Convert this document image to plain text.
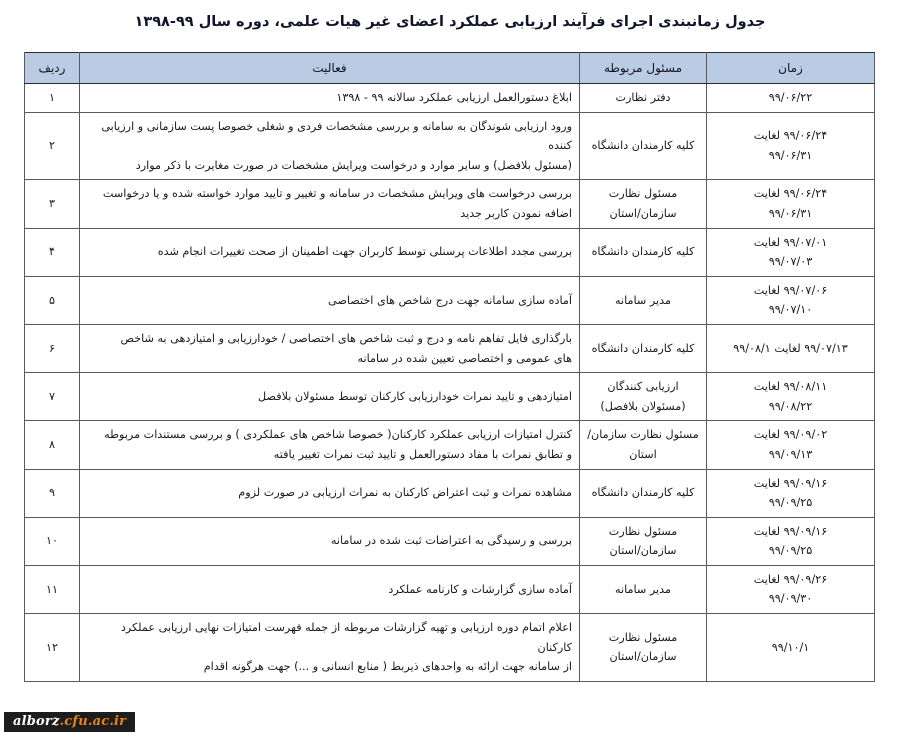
جدول زمانبندی اجرای فرآیند ارزیابی عملکرد اعضای غیر هیات علمی، دوره سال ۹۹-۱۳۹۸
زمان	مسئول مربوطه	فعالیت	ردیف

۹۹/۰۶/۲۲	دفتر نظارت	ابلاغ دستورالعمل ارزیابی عملکرد سالانه ۹۹ - ۱۳۹۸	۱

۹۹/۰۶/۲۴ لغایت
۹۹/۰۶/۳۱	کلیه کارمندان دانشگاه	ورود ارزیابی شوندگان به سامانه و بررسی مشخصات فردی و شغلی خصوصا پست سازمانی و ارزیابی کننده
(مسئول بلافصل) و سایر موارد و درخواست ویرایش مشخصات در صورت مغایرت با ذکر موارد	۲

۹۹/۰۶/۲۴ لغایت
۹۹/۰۶/۳۱	مسئول نظارت
سازمان/استان	بررسی درخواست های ویرایش مشخصات در سامانه و تغییر و تایید موارد خواسته شده و یا درخواست
اضافه نمودن کاربر جدید	۳

۹۹/۰۷/۰۱ لغایت
۹۹/۰۷/۰۳	کلیه کارمندان دانشگاه	بررسی مجدد اطلاعات پرسنلی توسط کاربران جهت اطمینان از صحت تغییرات انجام شده	۴

۹۹/۰۷/۰۶ لغایت
۹۹/۰۷/۱۰	مدیر سامانه	آماده سازی سامانه جهت درج شاخص های اختصاصی	۵

۹۹/۰۷/۱۳ لغایت ۹۹/۰۸/۱	کلیه کارمندان دانشگاه	بارگذاری فایل تفاهم نامه و درج و ثبت شاخص های اختصاصی / خودارزیابی و امتیازدهی به شاخص
های عمومی و اختصاصی تعیین شده در سامانه	۶

۹۹/۰۸/۱۱ لغایت
۹۹/۰۸/۲۲	ارزیابی کنندگان
(مسئولان بلافصل)	امتیازدهی و تایید نمرات خودارزیابی کارکنان توسط مسئولان بلافصل	۷

۹۹/۰۹/۰۲ لغایت
۹۹/۰۹/۱۳	مسئول نظارت سازمان/
استان	کنترل امتیازات ارزیابی عملکرد کارکنان( خصوصا شاخص های عملکردی ) و بررسی مستندات مربوطه
و تطابق نمرات با مفاد دستورالعمل و تایید ثبت نمرات تغییر یافته	۸

۹۹/۰۹/۱۶ لغایت
۹۹/۰۹/۲۵	کلیه کارمندان دانشگاه	مشاهده نمرات و ثبت اعتراض کارکنان به نمرات ارزیابی در صورت لزوم	۹

۹۹/۰۹/۱۶ لغایت
۹۹/۰۹/۲۵	مسئول نظارت
سازمان/استان	بررسی و رسیدگی به اعتراضات ثبت شده در سامانه	۱۰

۹۹/۰۹/۲۶ لغایت
۹۹/۰۹/۳۰	مدیر سامانه	آماده سازی گزارشات و کارنامه عملکرد	۱۱

۹۹/۱۰/۱	مسئول نظارت
سازمان/استان	اعلام اتمام دوره ارزیابی و تهیه گزارشات مربوطه از جمله فهرست امتیازات نهایی ارزیابی عملکرد کارکنان
از سامانه جهت ارائه به واحدهای ذیربط ( منابع انسانی و ...) جهت هرگونه اقدام	۱۲
alborz.cfu.ac.ir
